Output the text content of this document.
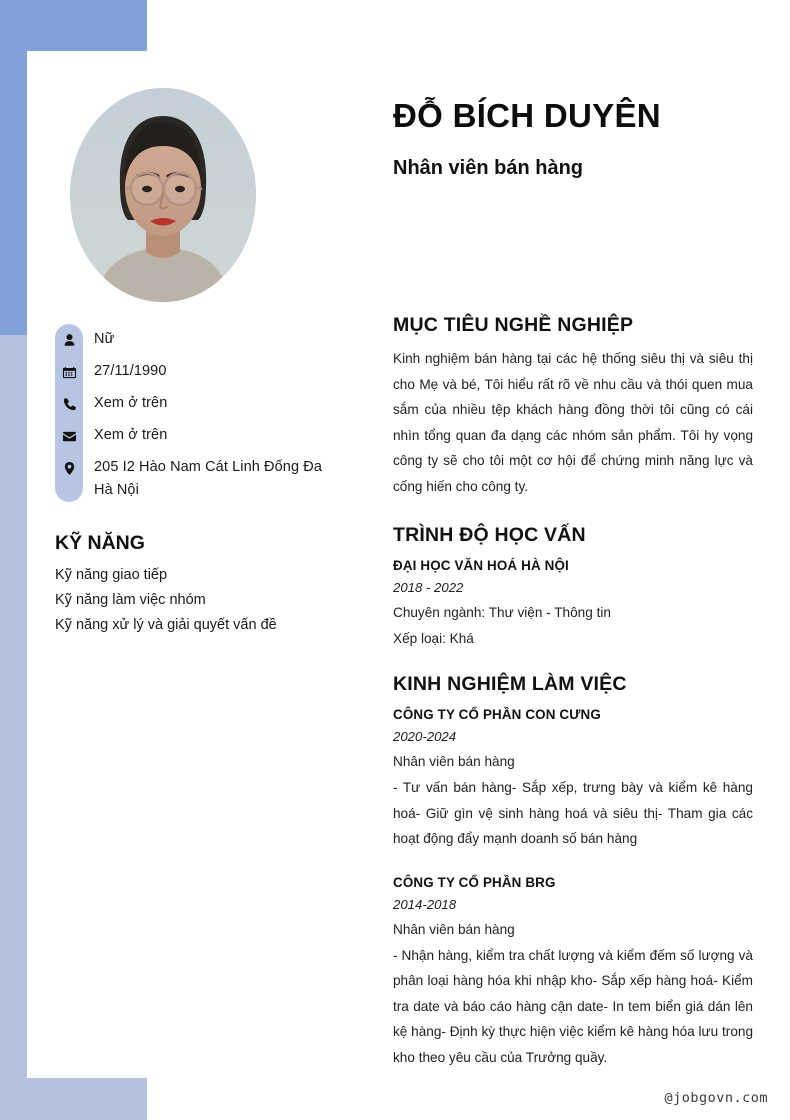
Nữ
27/11/1990
Xem ở trên
Xem ở trên
205 I2 Hào Nam Cát Linh Đống Đa
Hà Nội
KỸ NĂNG
Kỹ năng giao tiếp
Kỹ năng làm việc nhóm
Kỹ năng xử lý và giải quyết vấn đề
ĐỖ BÍCH DUYÊN
Nhân viên bán hàng
MỤC TIÊU NGHỀ NGHIỆP

Kinh nghiệm bán hàng tại các hệ thống siêu thị và siêu thị cho Mẹ và bé, Tôi hiểu rất rõ về nhu cầu và thói quen mua sắm của nhiều tệp khách hàng đồng thời tôi cũng có cái nhìn tổng quan đa dạng các nhóm sản phẩm. Tôi hy vọng công ty sẽ cho tôi một cơ hội để chứng minh năng lực và cống hiến cho công ty.

TRÌNH ĐỘ HỌC VẤN
ĐẠI HỌC VĂN HOÁ HÀ NỘI
2018 - 2022
Chuyên ngành: Thư viện - Thông tin
Xếp loại: Khá
KINH NGHIỆM LÀM VIỆC
CÔNG TY CỔ PHẦN CON CƯNG
2020-2024
Nhân viên bán hàng

- Tư vấn bán hàng- Sắp xếp, trưng bày và kiểm kê hàng hoá- Giữ gìn vệ sinh hàng hoá và siêu thị- Tham gia các hoạt động đẩy mạnh doanh số bán hàng

CÔNG TY CỔ PHẦN BRG
2014-2018
Nhân viên bán hàng

- Nhận hàng, kiểm tra chất lượng và kiểm đếm số lượng và phân loại hàng hóa khi nhập kho- Sắp xếp hàng hoá- Kiểm tra date và báo cáo hàng cận date- In tem biển giá dán lên kệ hàng- Định kỳ thực hiện việc kiểm kê hàng hóa lưu trong kho theo yêu cầu của Trưởng quầy.

@jobgovn.com
